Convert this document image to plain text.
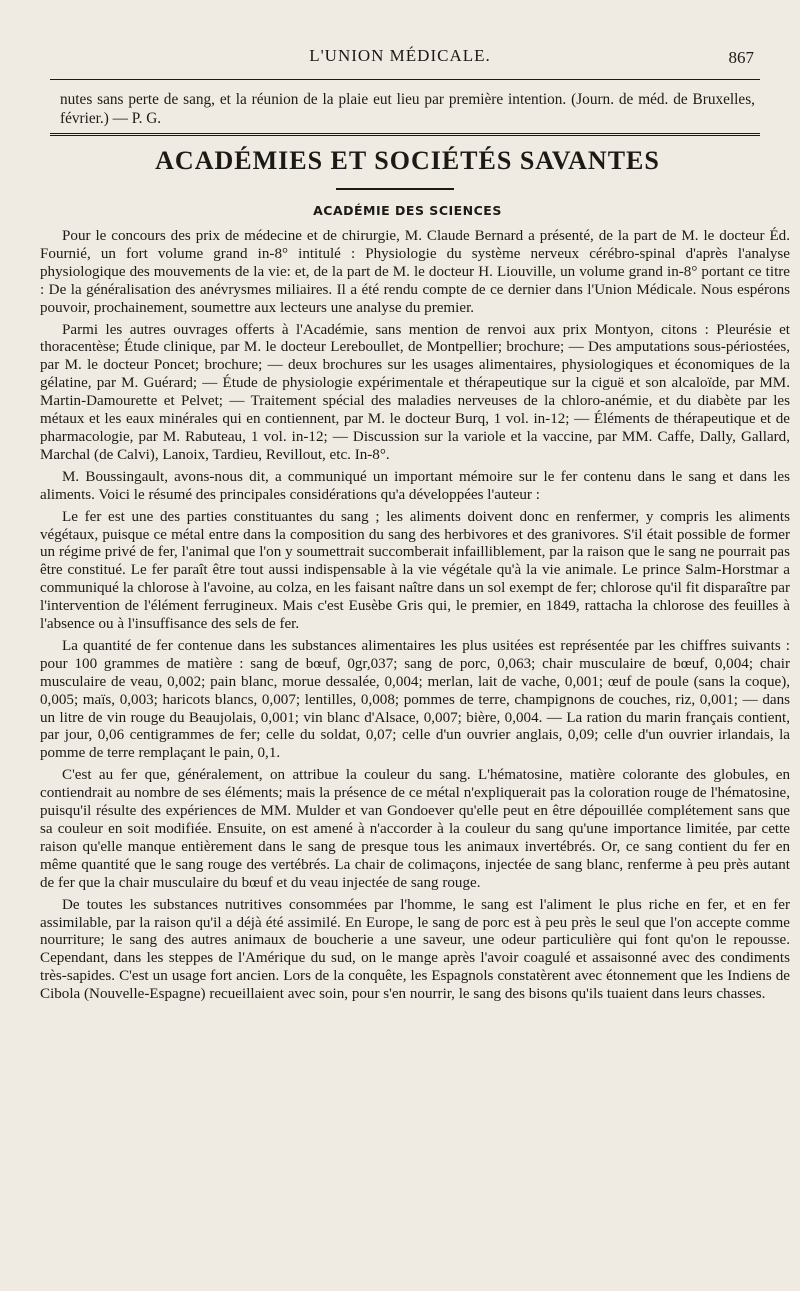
L'UNION MÉDICALE.	867
nutes sans perte de sang, et la réunion de la plaie eut lieu par première intention. (Journ. de méd. de Bruxelles, février.) — P. G.
ACADÉMIES ET SOCIÉTÉS SAVANTES
ACADÉMIE DES SCIENCES

Pour le concours des prix de médecine et de chirurgie, M. Claude Bernard a présenté, de la part de M. le docteur Éd. Fournié, un fort volume grand in-8° intitulé : Physiologie du système nerveux cérébro-spinal d'après l'analyse physiologique des mouvements de la vie: et, de la part de M. le docteur H. Liouville, un volume grand in-8° portant ce titre : De la généralisation des anévrysmes miliaires. Il a été rendu compte de ce dernier dans l'Union Médicale. Nous espérons pouvoir, prochainement, soumettre aux lecteurs une analyse du premier.

Parmi les autres ouvrages offerts à l'Académie, sans mention de renvoi aux prix Montyon, citons : Pleurésie et thoracentèse; Étude clinique, par M. le docteur Lereboullet, de Montpellier; brochure; — Des amputations sous-périostées, par M. le docteur Poncet; brochure; — deux brochures sur les usages alimentaires, physiologiques et économiques de la gélatine, par M. Guérard; — Étude de physiologie expérimentale et thérapeutique sur la ciguë et son alcaloïde, par MM. Martin-Damourette et Pelvet; — Traitement spécial des maladies nerveuses de la chloro-anémie, et du diabète par les métaux et les eaux minérales qui en contiennent, par M. le docteur Burq, 1 vol. in-12; — Éléments de thérapeutique et de pharmacologie, par M. Rabuteau, 1 vol. in-12; — Discussion sur la variole et la vaccine, par MM. Caffe, Dally, Gallard, Marchal (de Calvi), Lanoix, Tardieu, Revillout, etc. In-8°.

M. Boussingault, avons-nous dit, a communiqué un important mémoire sur le fer contenu dans le sang et dans les aliments. Voici le résumé des principales considérations qu'a développées l'auteur :

Le fer est une des parties constituantes du sang ; les aliments doivent donc en renfermer, y compris les aliments végétaux, puisque ce métal entre dans la composition du sang des herbivores et des granivores. S'il était possible de former un régime privé de fer, l'animal que l'on y soumettrait succomberait infailliblement, par la raison que le sang ne pourrait pas être constitué. Le fer paraît être tout aussi indispensable à la vie végétale qu'à la vie animale. Le prince Salm-Horstmar a communiqué la chlorose à l'avoine, au colza, en les faisant naître dans un sol exempt de fer; chlorose qu'il fit disparaître par l'intervention de l'élément ferrugineux. Mais c'est Eusèbe Gris qui, le premier, en 1849, rattacha la chlorose des feuilles à l'absence ou à l'insuffisance des sels de fer.

La quantité de fer contenue dans les substances alimentaires les plus usitées est représentée par les chiffres suivants : pour 100 grammes de matière : sang de bœuf, 0gr,037; sang de porc, 0,063; chair musculaire de bœuf, 0,004; chair musculaire de veau, 0,002; pain blanc, morue dessalée, 0,004; merlan, lait de vache, 0,001; œuf de poule (sans la coque), 0,005; maïs, 0,003; haricots blancs, 0,007; lentilles, 0,008; pommes de terre, champignons de couches, riz, 0,001; — dans un litre de vin rouge du Beaujolais, 0,001; vin blanc d'Alsace, 0,007; bière, 0,004. — La ration du marin français contient, par jour, 0,06 centigrammes de fer; celle du soldat, 0,07; celle d'un ouvrier anglais, 0,09; celle d'un ouvrier irlandais, la pomme de terre remplaçant le pain, 0,1.

C'est au fer que, généralement, on attribue la couleur du sang. L'hématosine, matière colorante des globules, en contiendrait au nombre de ses éléments; mais la présence de ce métal n'expliquerait pas la coloration rouge de l'hématosine, puisqu'il résulte des expériences de MM. Mulder et van Gondoever qu'elle peut en être dépouillée complétement sans que sa couleur en soit modifiée. Ensuite, on est amené à n'accorder à la couleur du sang qu'une importance limitée, par cette raison qu'elle manque entièrement dans le sang de presque tous les animaux invertébrés. Or, ce sang contient du fer en même quantité que le sang rouge des vertébrés. La chair de colimaçons, injectée de sang blanc, renferme à peu près autant de fer que la chair musculaire du bœuf et du veau injectée de sang rouge.

De toutes les substances nutritives consommées par l'homme, le sang est l'aliment le plus riche en fer, et en fer assimilable, par la raison qu'il a déjà été assimilé. En Europe, le sang de porc est à peu près le seul que l'on accepte comme nourriture; le sang des autres animaux de boucherie a une saveur, une odeur particulière qui font qu'on le repousse. Cependant, dans les steppes de l'Amérique du sud, on le mange après l'avoir coagulé et assaisonné avec des condiments très-sapides. C'est un usage fort ancien. Lors de la conquête, les Espagnols constatèrent avec étonnement que les Indiens de Cibola (Nouvelle-Espagne) recueillaient avec soin, pour s'en nourrir, le sang des bisons qu'ils tuaient dans leurs chasses.
